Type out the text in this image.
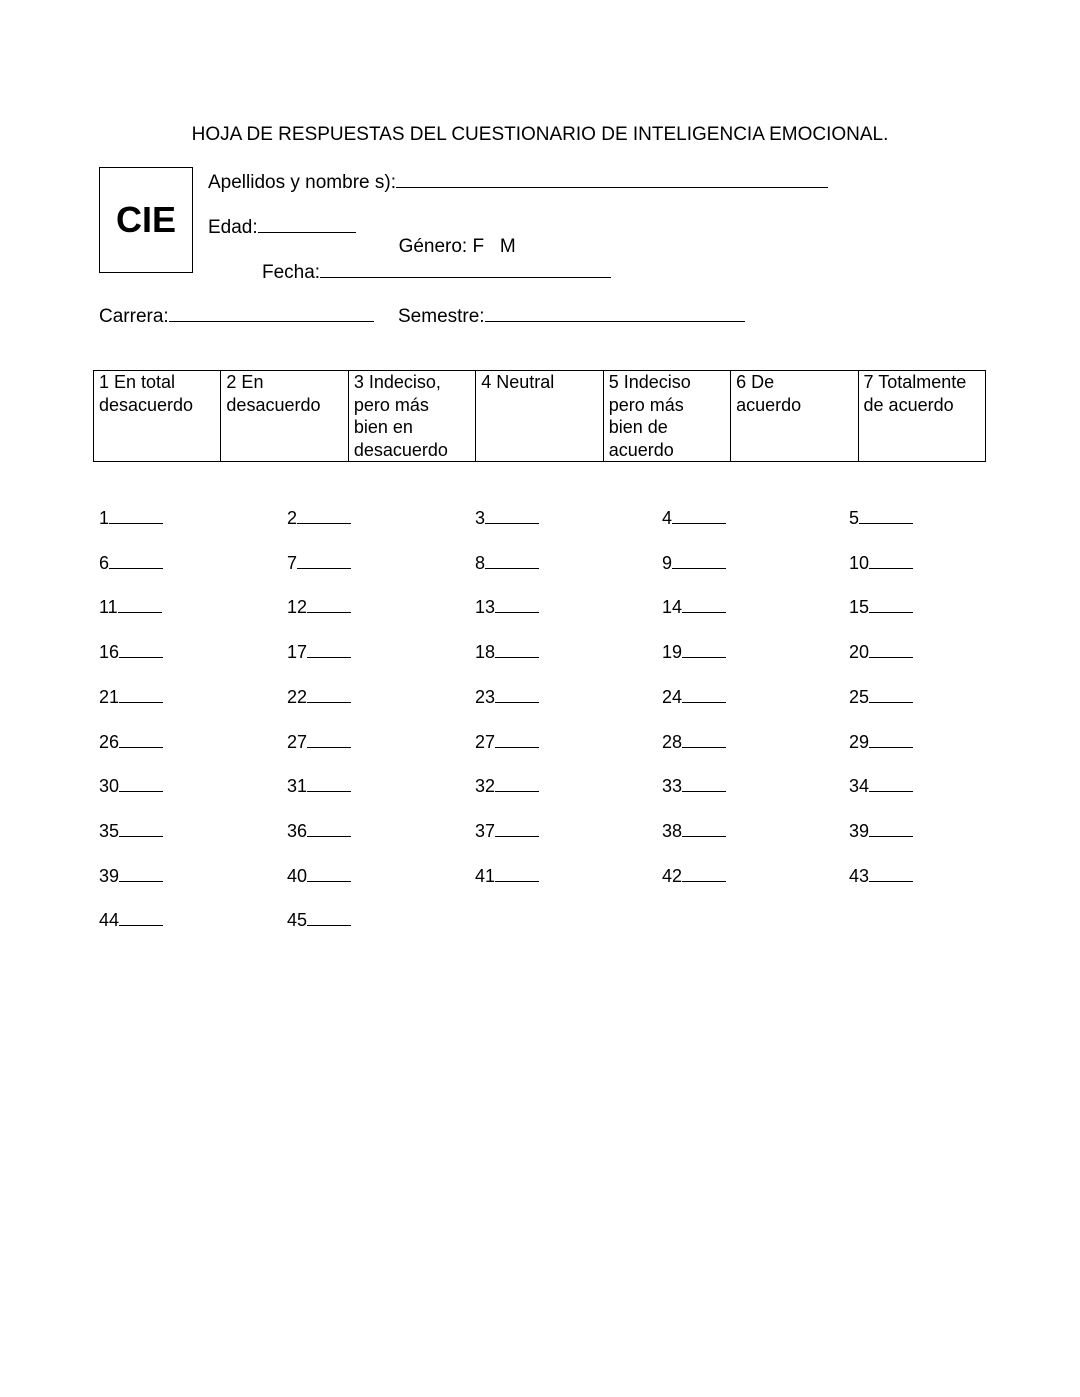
HOJA DE RESPUESTAS DEL CUESTIONARIO DE INTELIGENCIA EMOCIONAL.
CIE
Apellidos y nombre s):
Edad:

Género: F   M

Fecha:
Carrera:	Semestre:
1 En total
desacuerdo	2 En
desacuerdo	3 Indeciso,
pero más
bien en
desacuerdo	4 Neutral	5 Indeciso
pero más
bien de
acuerdo	6 De
acuerdo	7 Totalmente
de acuerdo
1	2	3	4	5
6	7	8	9	10
11	12	13	14	15
16	17	18	19	20
21	22	23	24	25
26	27	27	28	29
30	31	32	33	34
35	36	37	38	39
39	40	41	42	43
44	45
